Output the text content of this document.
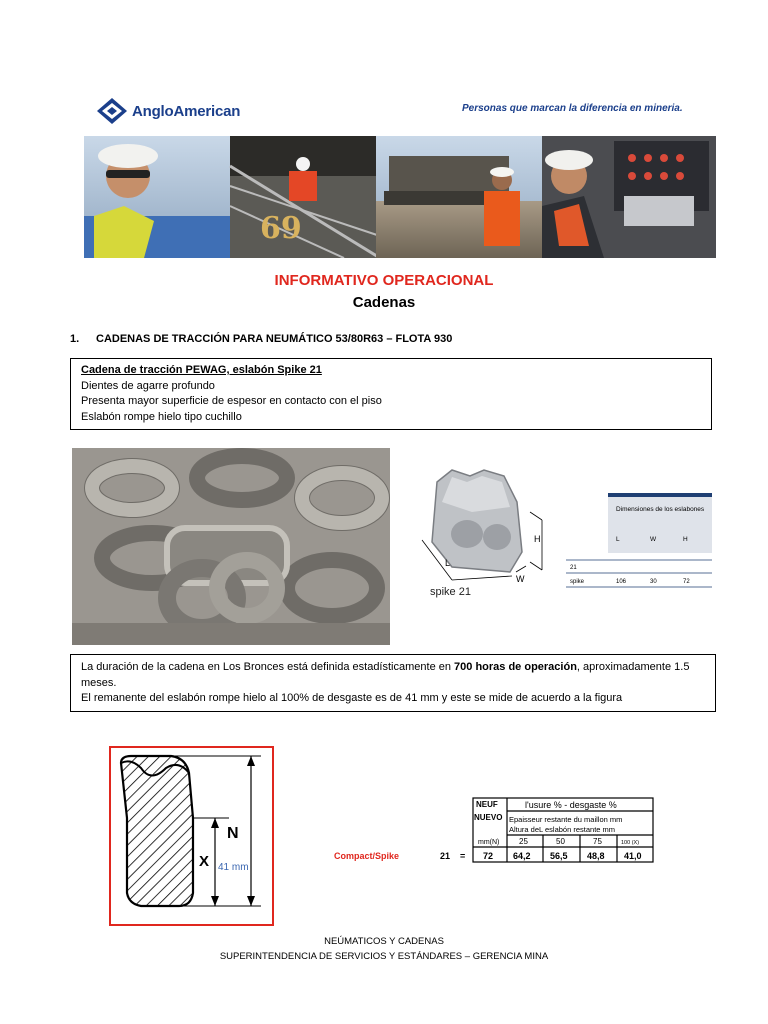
AngloAmerican	Personas que marcan la diferencia en mineria.
69
INFORMATIVO OPERACIONAL
Cadenas
1. CADENAS DE TRACCIÓN PARA NEUMÁTICO 53/80R63 – FLOTA 930
Cadena de tracción PEWAG, eslabón Spike 21
Dientes de agarre profundo
Presenta mayor superficie de espesor en contacto con el piso
Eslabón rompe hielo tipo cuchillo
H
L
W
spike 21
Dimensiones de los eslabones
L	W	H
21
spike	106	30	72
La duración de la cadena en Los Bronces está definida estadísticamente en 700 horas de operación, aproximadamente 1.5 meses.
El remanente del eslabón rompe hielo al 100% de desgaste es de 41 mm y este se mide de acuerdo a la figura
N
X 41 mm
NEUF
NUEVO
l'usure % - desgaste %
Epaisseur restante du maillon mm
Altura deL eslabón restante mm
mm(N) 25	50	75	100 (X)
Compact/Spike	21 = 72 64,2 56,5 48,8 41,0
NEÚMATICOS Y CADENAS
SUPERINTENDENCIA DE SERVICIOS Y ESTÁNDARES – GERENCIA MINA
